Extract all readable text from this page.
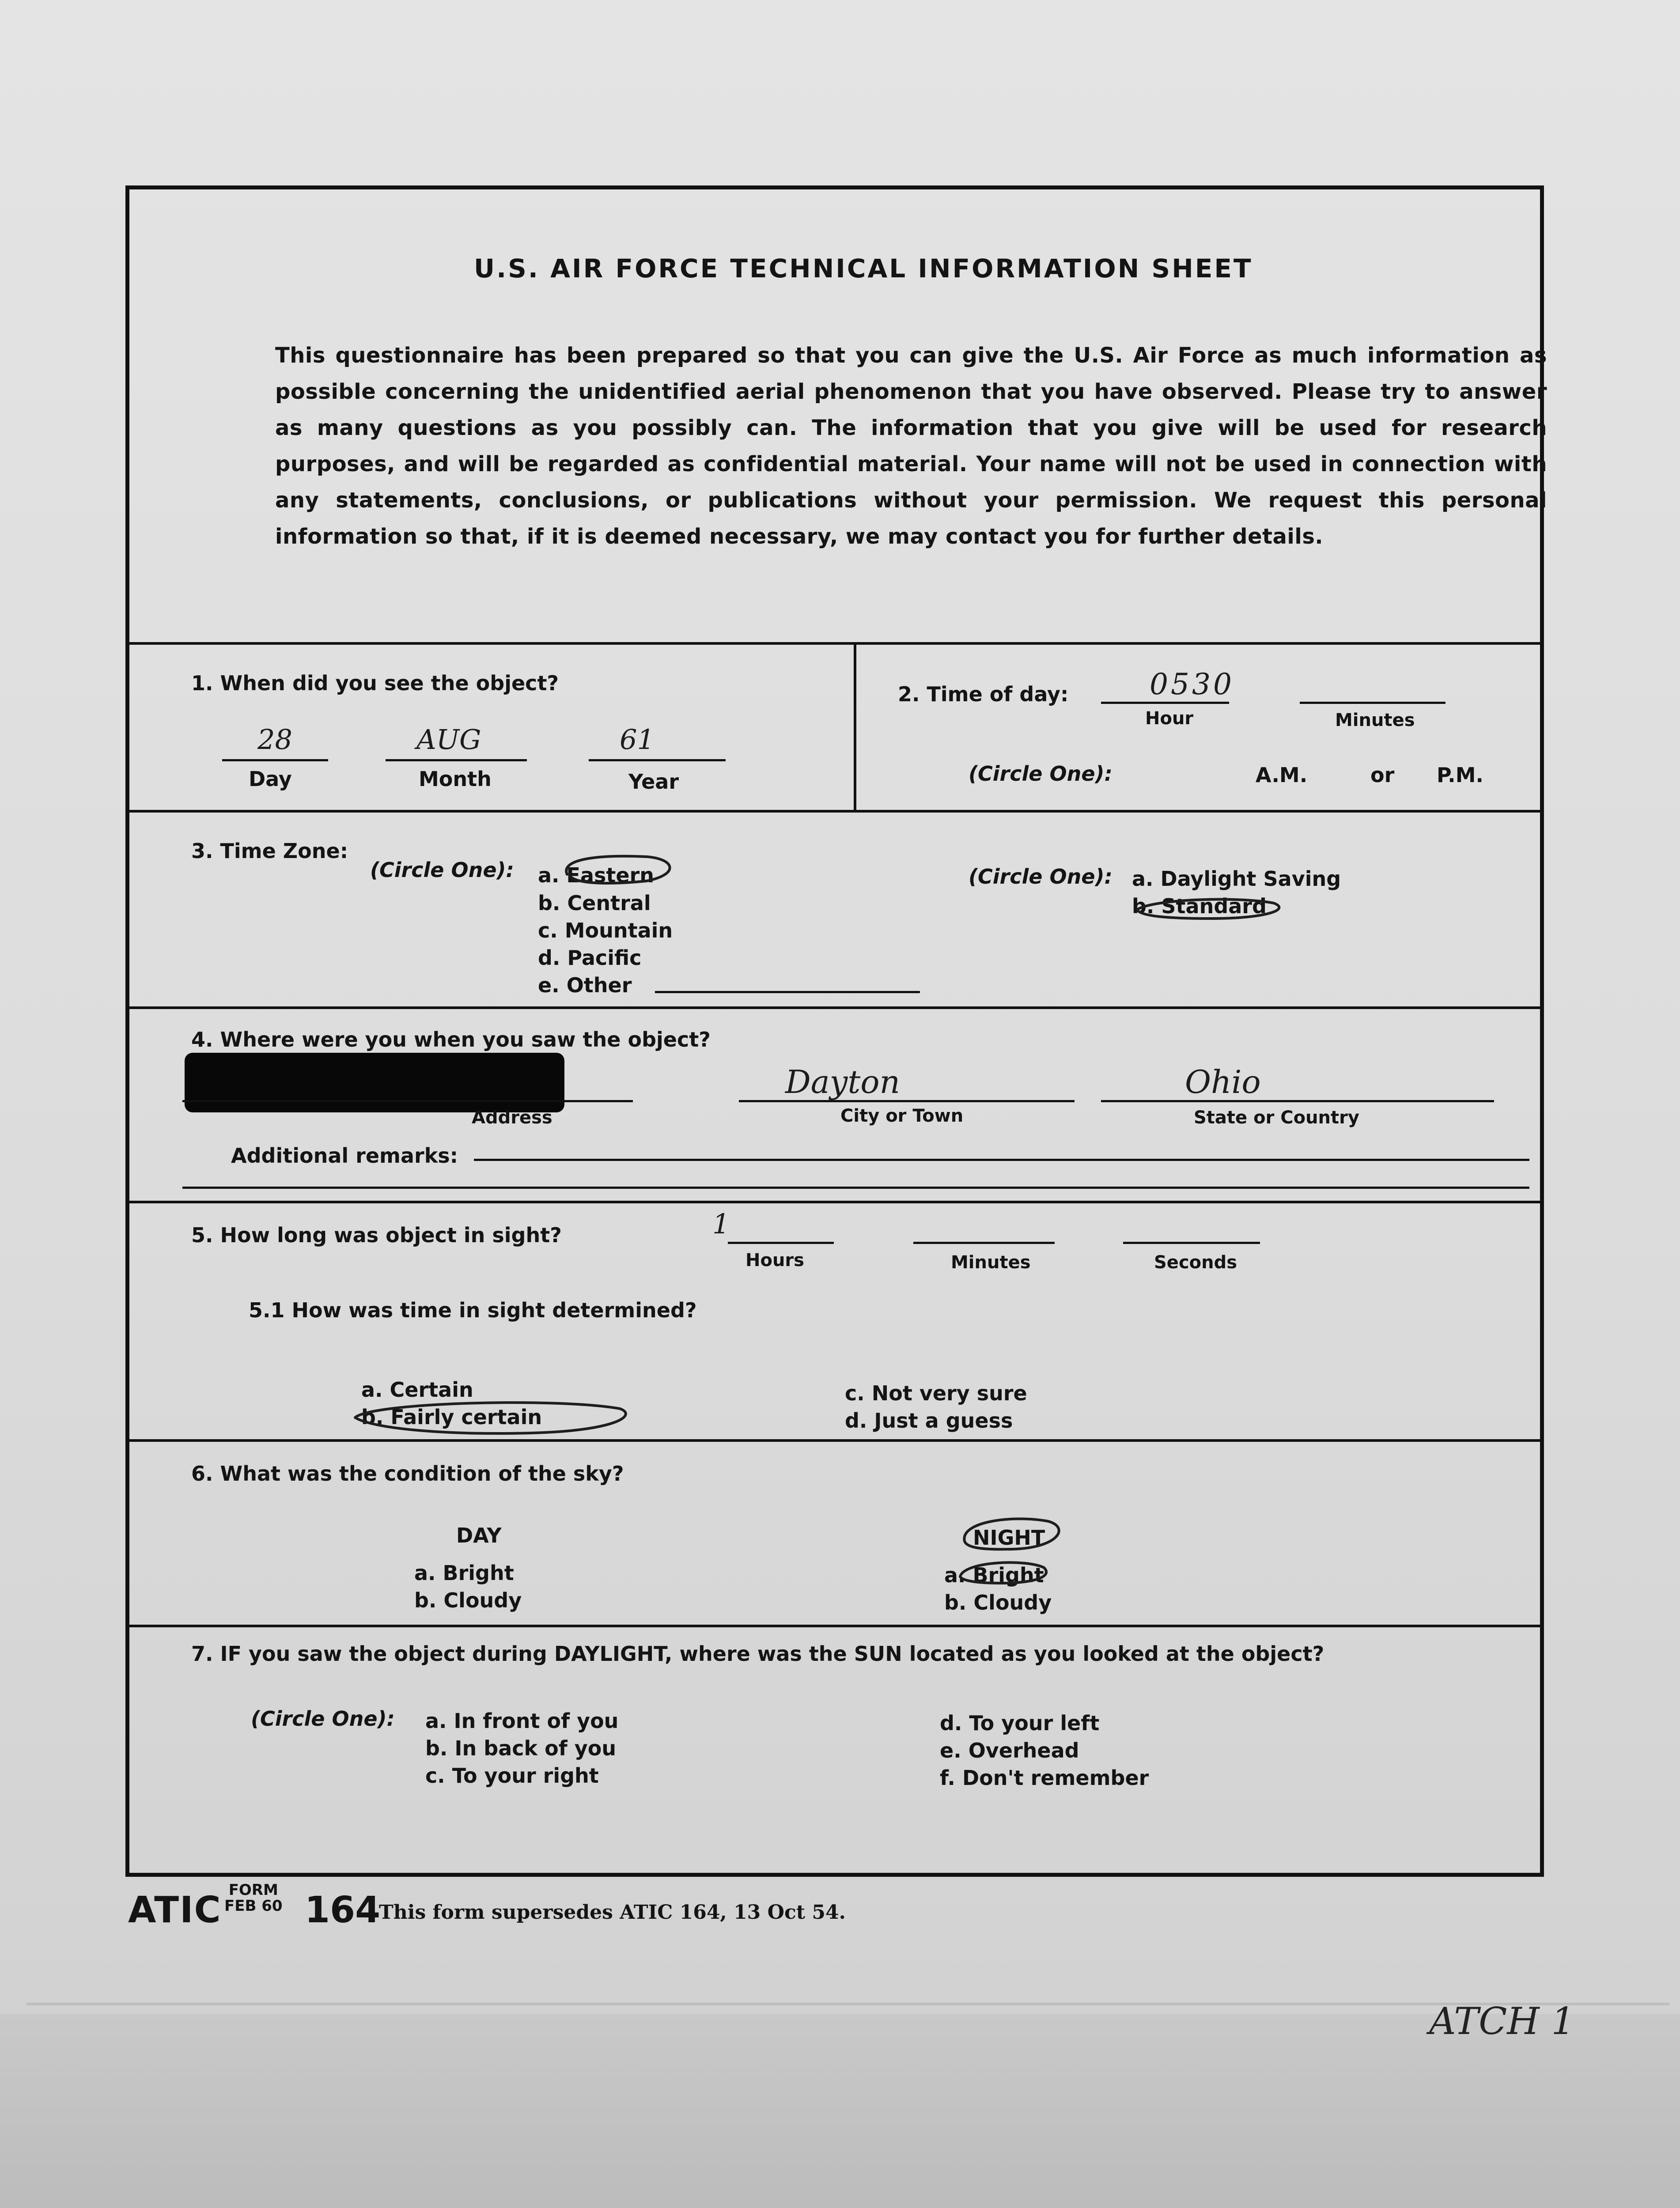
U.S. AIR FORCE TECHNICAL INFORMATION SHEET
This questionnaire has been prepared so that you can give the U.S. Air Force as much information as possible concerning the unidentified aerial phenomenon that you have observed. Please try to answer as many questions as you possibly can. The information that you give will be used for research purposes, and will be regarded as confidential material. Your name will not be used in connection with any statements, conclusions, or publications without your permission. We request this personal information so that, if it is deemed necessary, we may contact you for further details.
1. When did you see the object?
28
Day
AUG
Month
61
Year
2. Time of day:	0530
Hour	Minutes
(Circle One):	A.M.	or P.M.
3. Time Zone:
(Circle One): a. Eastern
b. Central
c. Mountain
d. Pacific
e. Other
(Circle One): a. Daylight Saving
b. Standard
4. Where were you when you saw the object?
Address
Dayton
City or Town
Ohio
State or Country
Additional remarks:
5. How long was object in sight?	1
Hours	Minutes	Seconds
5.1 How was time in sight determined?
a. Certain
b. Fairly certain
c. Not very sure
d. Just a guess
6. What was the condition of the sky?
DAY
a. Bright
b. Cloudy
NIGHT
a. Bright
b. Cloudy
7. IF you saw the object during DAYLIGHT, where was the SUN located as you looked at the object?
(Circle One): a. In front of you
b. In back of you
c. To your right
d. To your left
e. Overhead
f. Don't remember
ATIC FORM
FEB 60 164
This form supersedes ATIC 164, 13 Oct 54.
ATCH 1
